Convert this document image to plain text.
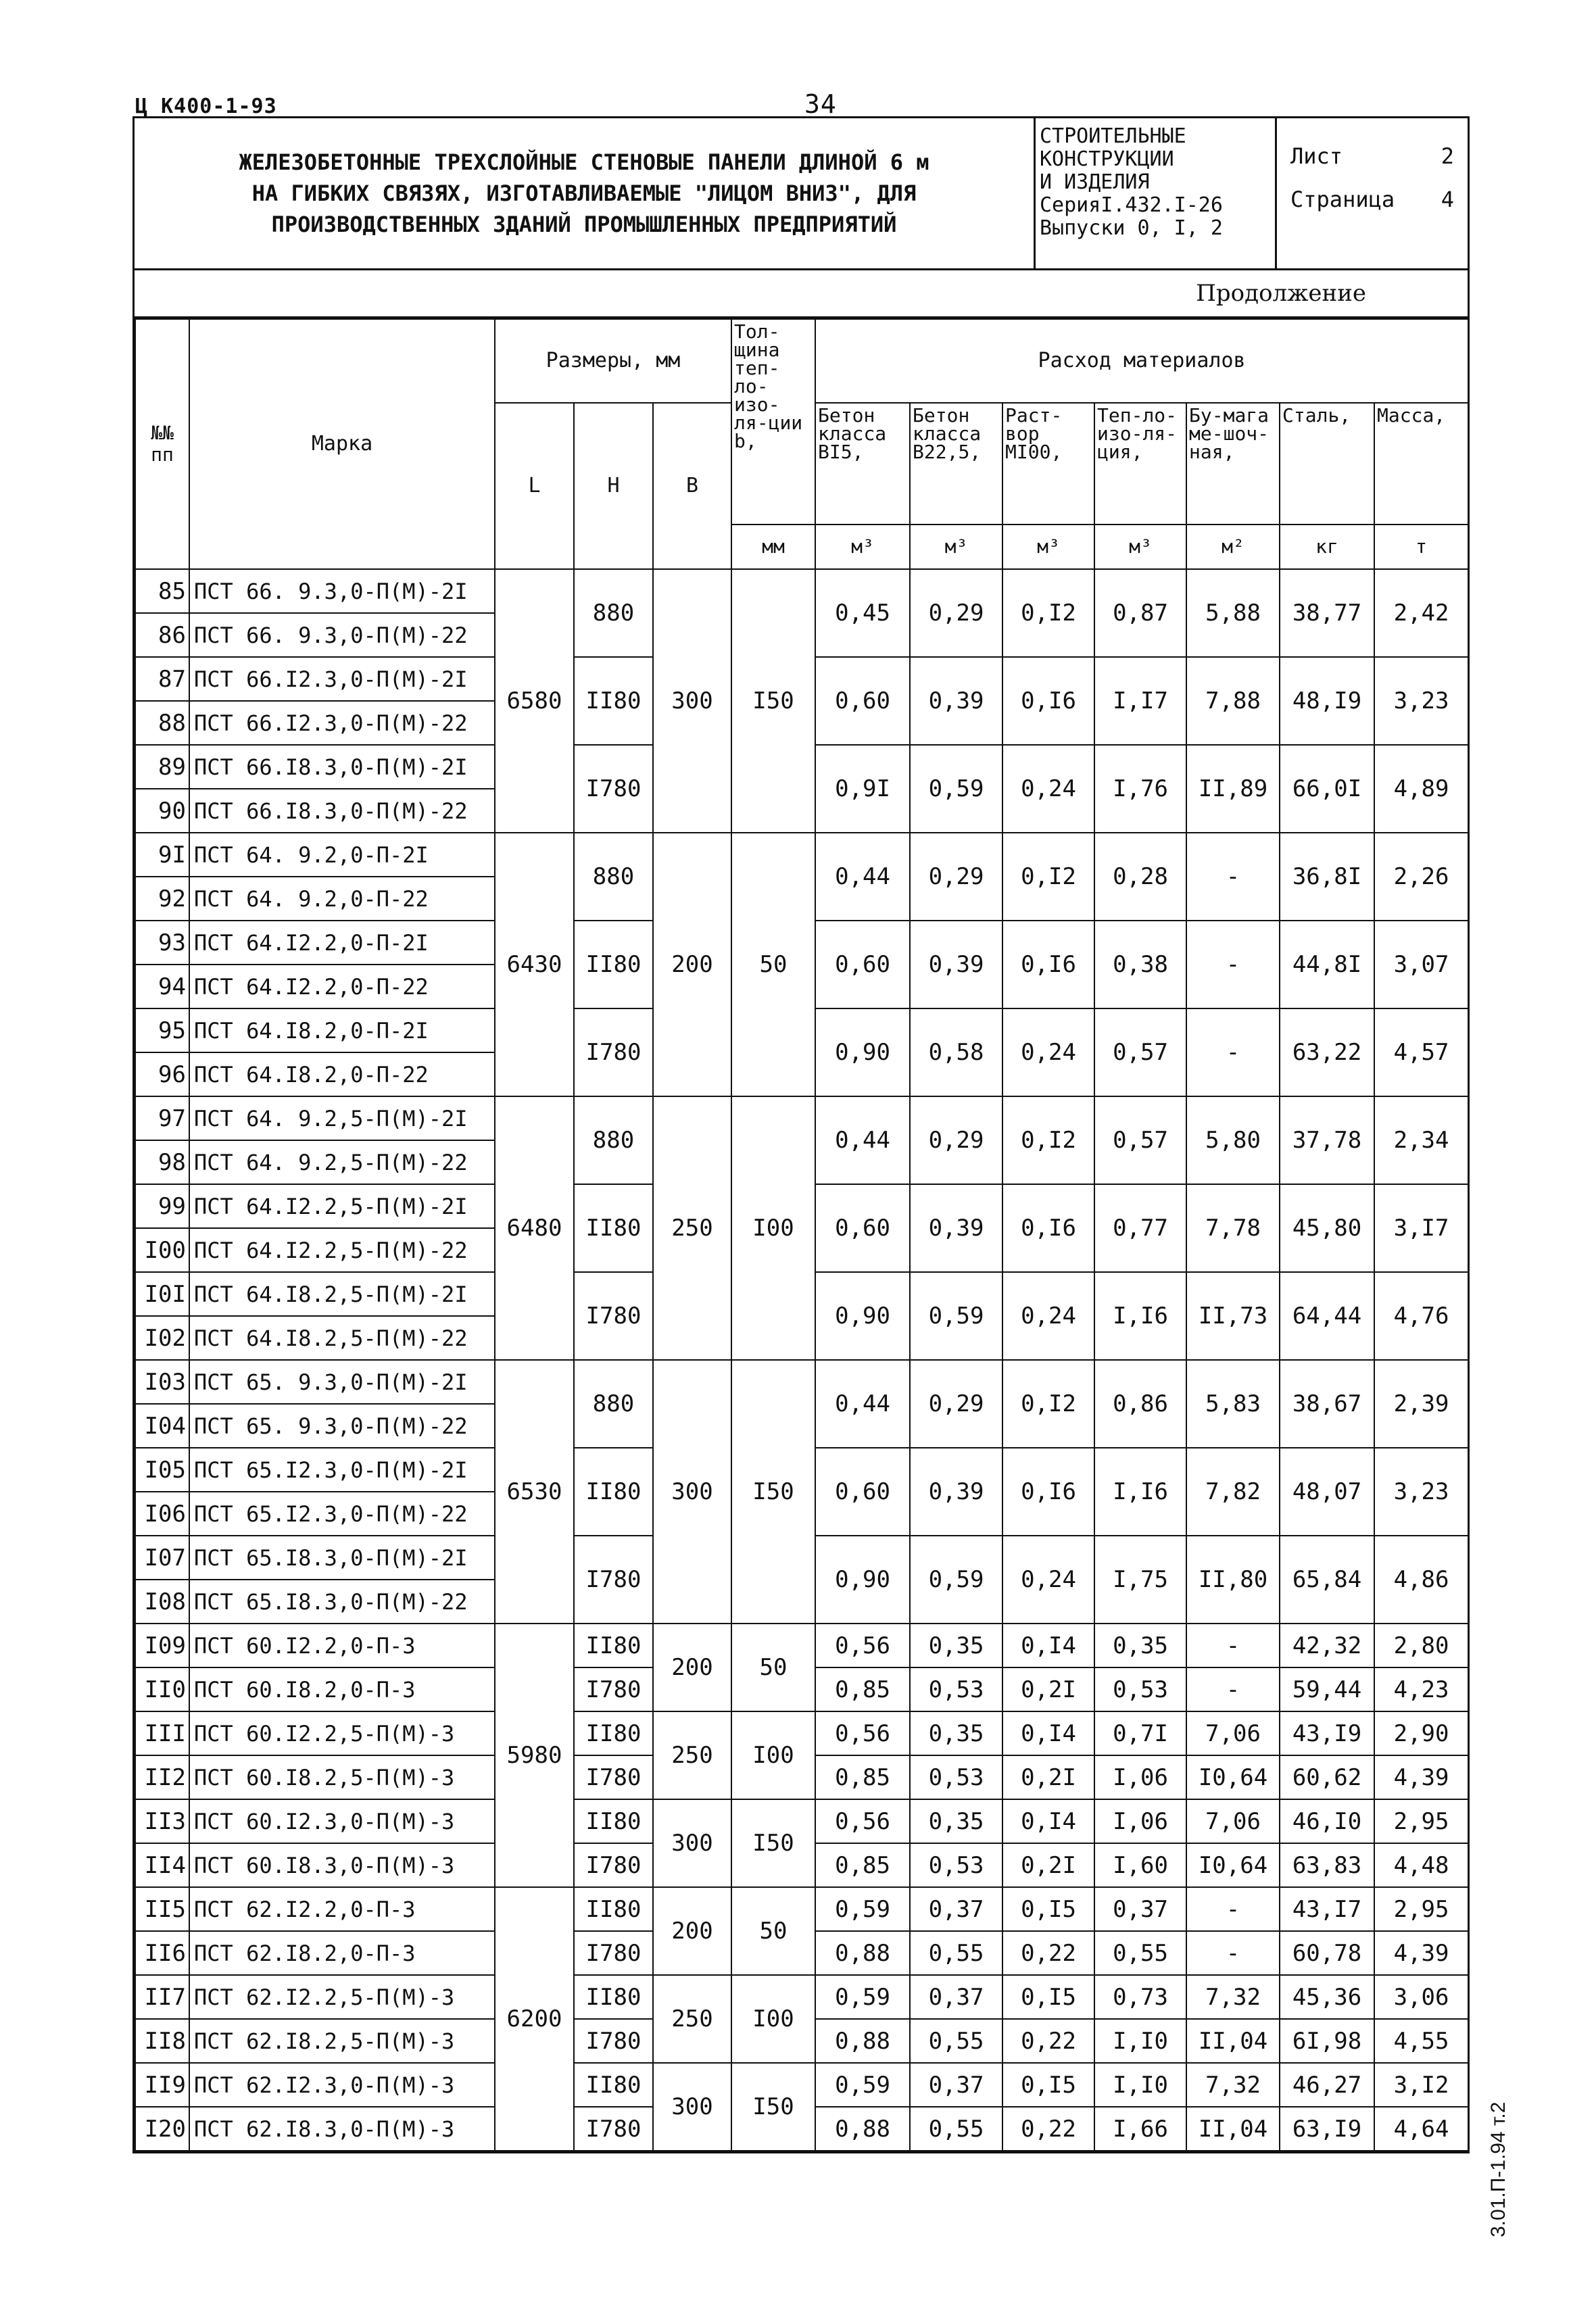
Ц К400-1-93	34
ЖЕЛЕЗОБЕТОННЫЕ ТРЕХСЛОЙНЫЕ СТЕНОВЫЕ ПАНЕЛИ ДЛИНОЙ 6 м
НА ГИБКИХ СВЯЗЯХ, ИЗГОТАВЛИВАЕМЫЕ "ЛИЦОМ ВНИЗ", ДЛЯ
ПРОИЗВОДСТВЕННЫХ ЗДАНИЙ ПРОМЫШЛЕННЫХ ПРЕДПРИЯТИЙ
СТРОИТЕЛЬНЫЕ
КОНСТРУКЦИИ
И ИЗДЕЛИЯ
СерияI.432.I-26
Выпуски 0, I, 2
Лист	2
Страница 4
Продолжение
№№ пп	Марка	Размеры, мм			Тол-щина теп-ло-изо-ля-ции b,	Расход материалов						
		L	H	B		Бетон класса BI5,	Бетон класса B22,5,	Раст-вор MI00,	Теп-ло-изо-ля-ция,	Бу-мага ме-шоч-ная,	Сталь,	Масса,
					мм	м³	м³	м³	м³	м²	кг	т
85	ПСТ 66. 9.3,0-П(М)-2I	6580	880	300	I50	0,45	0,29	0,I2	0,87	5,88	38,77	2,42
86	ПСТ 66. 9.3,0-П(М)-22											
87	ПСТ 66.I2.3,0-П(М)-2I		II80			0,60	0,39	0,I6	I,I7	7,88	48,I9	3,23
88	ПСТ 66.I2.3,0-П(М)-22											
89	ПСТ 66.I8.3,0-П(М)-2I		I780			0,9I	0,59	0,24	I,76	II,89	66,0I	4,89
90	ПСТ 66.I8.3,0-П(М)-22											
9I	ПСТ 64. 9.2,0-П-2I	6430	880	200	50	0,44	0,29	0,I2	0,28	-	36,8I	2,26
92	ПСТ 64. 9.2,0-П-22											
93	ПСТ 64.I2.2,0-П-2I		II80			0,60	0,39	0,I6	0,38	-	44,8I	3,07
94	ПСТ 64.I2.2,0-П-22											
95	ПСТ 64.I8.2,0-П-2I		I780			0,90	0,58	0,24	0,57	-	63,22	4,57
96	ПСТ 64.I8.2,0-П-22											
97	ПСТ 64. 9.2,5-П(М)-2I	6480	880	250	I00	0,44	0,29	0,I2	0,57	5,80	37,78	2,34
98	ПСТ 64. 9.2,5-П(М)-22											
99	ПСТ 64.I2.2,5-П(М)-2I		II80			0,60	0,39	0,I6	0,77	7,78	45,80	3,I7
I00	ПСТ 64.I2.2,5-П(М)-22											
I0I	ПСТ 64.I8.2,5-П(М)-2I		I780			0,90	0,59	0,24	I,I6	II,73	64,44	4,76
I02	ПСТ 64.I8.2,5-П(М)-22											
I03	ПСТ 65. 9.3,0-П(М)-2I	6530	880	300	I50	0,44	0,29	0,I2	0,86	5,83	38,67	2,39
I04	ПСТ 65. 9.3,0-П(М)-22											
I05	ПСТ 65.I2.3,0-П(М)-2I		II80			0,60	0,39	0,I6	I,I6	7,82	48,07	3,23
I06	ПСТ 65.I2.3,0-П(М)-22											
I07	ПСТ 65.I8.3,0-П(М)-2I		I780			0,90	0,59	0,24	I,75	II,80	65,84	4,86
I08	ПСТ 65.I8.3,0-П(М)-22											
I09	ПСТ 60.I2.2,0-П-3	5980	II80	200	50	0,56	0,35	0,I4	0,35	-	42,32	2,80
II0	ПСТ 60.I8.2,0-П-3		I780			0,85	0,53	0,2I	0,53	-	59,44	4,23
III	ПСТ 60.I2.2,5-П(М)-3		II80	250	I00	0,56	0,35	0,I4	0,7I	7,06	43,I9	2,90
II2	ПСТ 60.I8.2,5-П(М)-3		I780			0,85	0,53	0,2I	I,06	I0,64	60,62	4,39
II3	ПСТ 60.I2.3,0-П(М)-3		II80	300	I50	0,56	0,35	0,I4	I,06	7,06	46,I0	2,95
II4	ПСТ 60.I8.3,0-П(М)-3		I780			0,85	0,53	0,2I	I,60	I0,64	63,83	4,48
II5	ПСТ 62.I2.2,0-П-3	6200	II80	200	50	0,59	0,37	0,I5	0,37	-	43,I7	2,95
II6	ПСТ 62.I8.2,0-П-3		I780			0,88	0,55	0,22	0,55	-	60,78	4,39
II7	ПСТ 62.I2.2,5-П(М)-3		II80	250	I00	0,59	0,37	0,I5	0,73	7,32	45,36	3,06
II8	ПСТ 62.I8.2,5-П(М)-3		I780			0,88	0,55	0,22	I,I0	II,04	6I,98	4,55
II9	ПСТ 62.I2.3,0-П(М)-3		II80	300	I50	0,59	0,37	0,I5	I,I0	7,32	46,27	3,I2
I20	ПСТ 62.I8.3,0-П(М)-3		I780			0,88	0,55	0,22	I,66	II,04	63,I9	4,64 3.01.П-1.94 т.2
